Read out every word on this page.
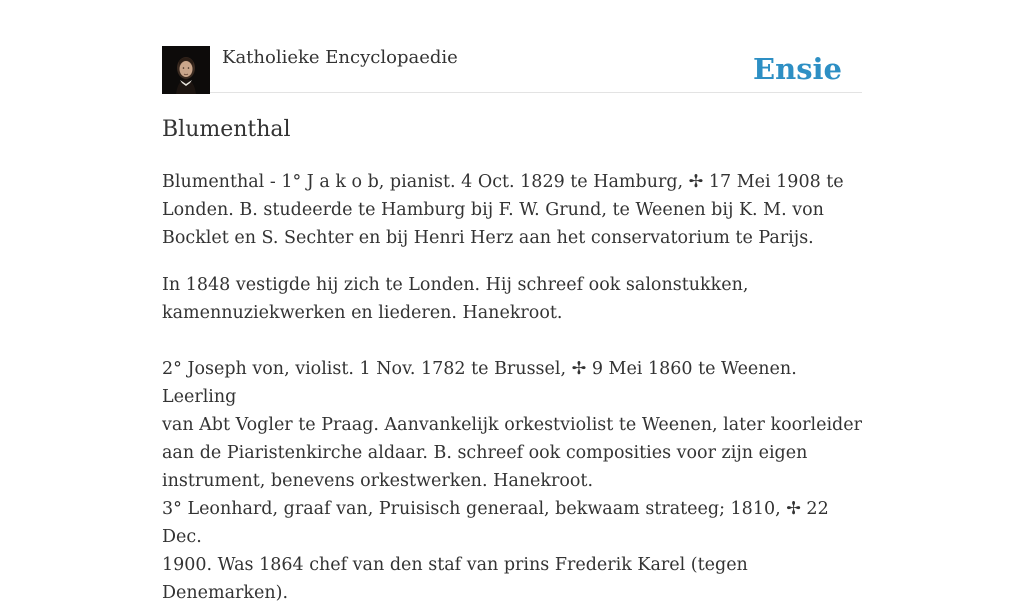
Katholieke Encyclopaedie	Ensie
Blumenthal

Blumenthal - 1° J a k o b, pianist. 4 Oct. 1829 te Hamburg, ✢ 17 Mei 1908 te
Londen. B. studeerde te Hamburg bij F. W. Grund, te Weenen bij K. M. von
Bocklet en S. Sechter en bij Henri Herz aan het conservatorium te Parijs.

In 1848 vestigde hij zich te Londen. Hij schreef ook salonstukken,
kamennuziekwerken en liederen. Hanekroot.

2° Joseph von, violist. 1 Nov. 1782 te Brussel, ✢ 9 Mei 1860 te Weenen. Leerling
van Abt Vogler te Praag. Aanvankelijk orkestviolist te Weenen, later koorleider
aan de Piaristenkirche aldaar. B. schreef ook composities voor zijn eigen
instrument, benevens orkestwerken. Hanekroot.
3° Leonhard, graaf van, Pruisisch generaal, bekwaam strateeg; 1810, ✢ 22 Dec.
1900. Was 1864 chef van den staf van prins Frederik Karel (tegen Denemarken).
